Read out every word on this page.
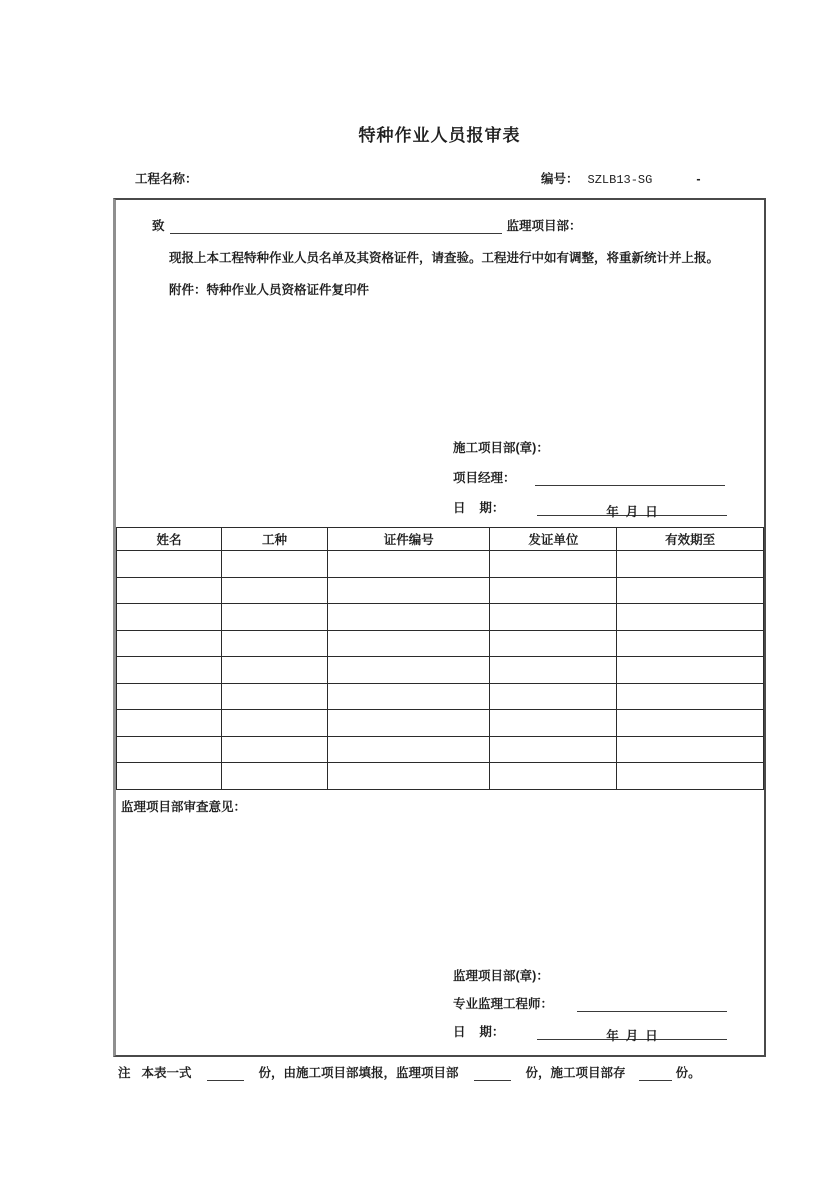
特种作业人员报审表
工程名称：	编号： SZLB13-SG	-
致	监理项目部：
现报上本工程特种作业人员名单及其资格证件，请查验。工程进行中如有调整，将重新统计并上报。
附件：特种作业人员资格证件复印件
施工项目部(章)：
项目经理：
日    期：	年  月  日
姓名	工种	证件编号	发证单位	有效期至

监理项目部审查意见：
监理项目部(章)：
专业监理工程师：
日    期：	年  月  日
注 本表一式	份，由施工项目部填报，监理项目部	份，施工项目部存	份。
